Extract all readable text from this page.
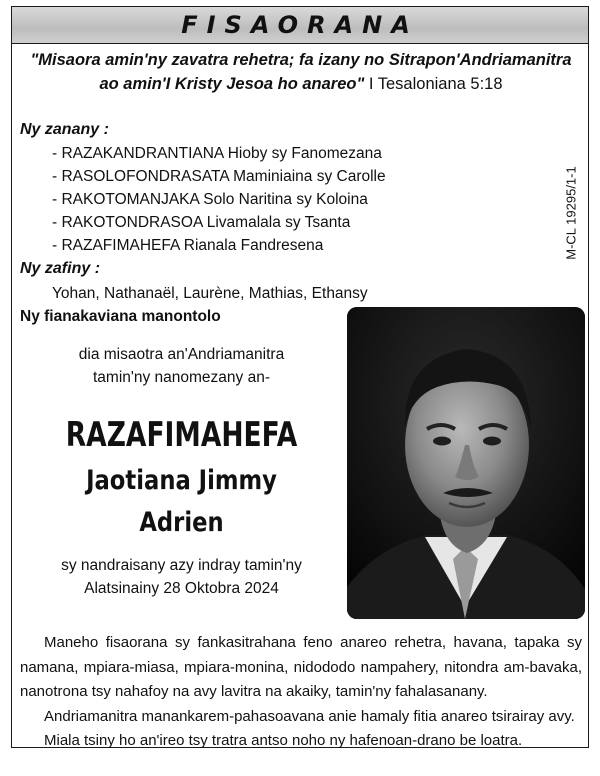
FISAORANA
"Misaora amin'ny zavatra rehetra; fa izany no Sitrapon'Andriamanitra ao amin'I Kristy Jesoa ho anareo" I Tesaloniana 5:18
M-CL 19295/1-1
Ny zanany :
- RAZAKANDRANTIANA Hioby sy Fanomezana
- RASOLOFONDRASATA Maminiaina sy Carolle
- RAKOTOMANJAKA Solo Naritina sy Koloina
- RAKOTONDRASOA Livamalala sy Tsanta
- RAZAFIMAHEFA Rianala Fandresena
Ny zafiny :
Yohan, Nathanaël, Laurène, Mathias, Ethansy
Ny fianakaviana manontolo
dia misaotra an'Andriamanitra
tamin'ny nanomezany an-
RAZAFIMAHEFA
Jaotiana Jimmy
Adrien
sy nandraisany azy indray tamin'ny
Alatsinainy 28 Oktobra 2024

Maneho fisaorana sy fankasitrahana feno anareo rehetra, havana, tapaka sy namana, mpiara-miasa, mpiara-monina, nidododo nampahery, nitondra am-bavaka, nanotrona tsy nahafoy na avy lavitra na akaiky, tamin'ny fahalasanany.

Andriamanitra manankarem-pahasoavana anie hamaly fitia anareo tsirairay avy.

Miala tsiny ho an'ireo tsy tratra antso noho ny hafenoan-drano be loatra.
